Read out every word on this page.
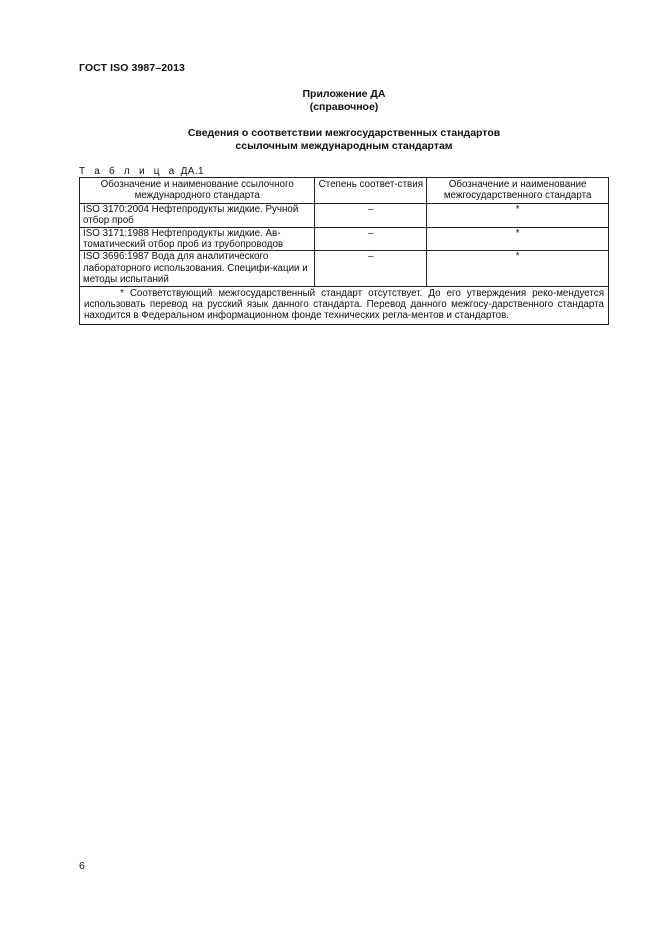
ГОСТ ISO 3987–2013
Приложение ДА
(справочное)
Сведения о соответствии межгосударственных стандартов
ссылочным международным стандартам
Т а б л и ц а ДА.1
Обозначение и наименование ссылочного международного стандарта	Степень соответ-ствия	Обозначение и наименование межгосударственного стандарта
ISO 3170:2004 Нефтепродукты жидкие. Ручной отбор проб	–	*
ISO 3171:1988 Нефтепродукты жидкие. Ав-томатический отбор проб из трубопроводов	–	*
ISO 3696:1987 Вода для аналитического лабораторного использования. Специфи-кации и методы испытаний	–	*
* Соответствующий межгосударственный стандарт отсутствует. До его утверждения реко-мендуется использовать перевод на русский язык данного стандарта. Перевод данного межгосу-дарственного стандарта находится в Федеральном информационном фонде технических регла-ментов и стандартов.		
6
